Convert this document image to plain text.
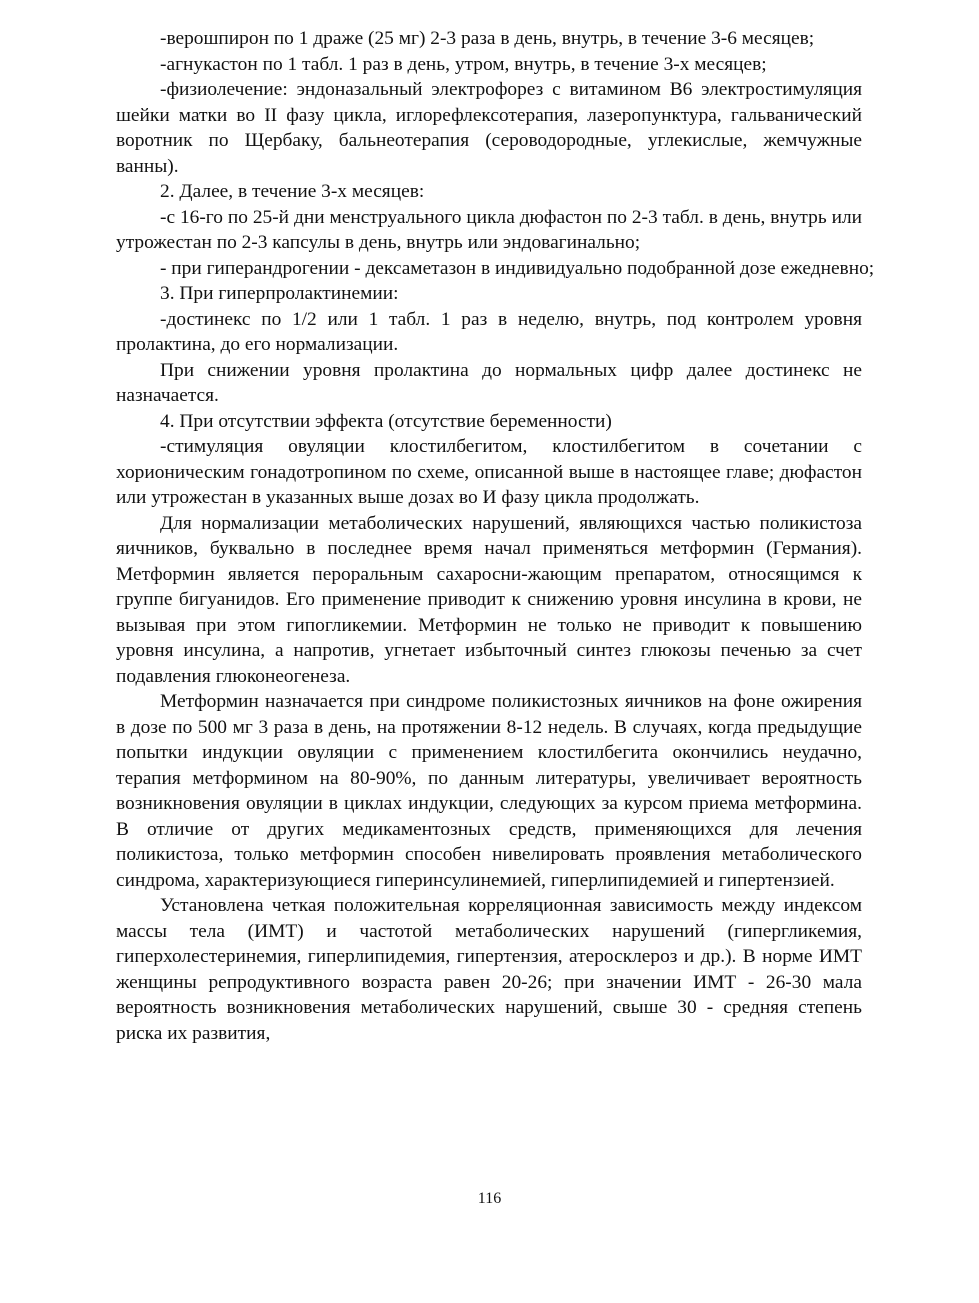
-верошпирон по 1 драже (25 мг) 2-3 раза в день, внутрь, в течение 3-6 месяцев;

-агнукастон по 1 табл. 1 раз в день, утром, внутрь, в течение 3-х месяцев;

-физиолечение: эндоназальный электрофорез с витамином В6 электростимуляция шейки матки во II фазу цикла, иглорефлексотерапия, лазеропунктура, гальванический воротник по Щербаку, бальнеотерапия (сероводородные, углекислые, жемчужные ванны).

2. Далее, в течение 3-х месяцев:

-с 16-го по 25-й дни менструального цикла дюфастон по 2-3 табл. в день, внутрь или утрожестан по 2-3 капсулы в день, внутрь или эндовагинально;

- при гиперандрогении - дексаметазон в индивидуально подобранной дозе ежедневно;

3. При гиперпролактинемии:

-достинекс по 1/2 или 1 табл. 1 раз в неделю, внутрь, под контролем уровня пролактина, до его нормализации.

При снижении уровня пролактина до нормальных цифр далее достинекс не назначается.

4. При отсутствии эффекта (отсутствие беременности)

-стимуляция овуляции клостилбегитом, клостилбегитом в сочетании с хорионическим гонадотропином по схеме, описанной выше в настоящее главе; дюфастон или утрожестан в указанных выше дозах во И фазу цикла продолжать.

Для нормализации метаболических нарушений, являющихся частью поликистоза яичников, буквально в последнее время начал применяться метформин (Германия). Метформин является пероральным сахаросни-жающим препаратом, относящимся к группе бигуанидов. Его применение приводит к снижению уровня инсулина в крови, не вызывая при этом гипогликемии. Метформин не только не приводит к повышению уровня инсулина, а напротив, угнетает избыточный синтез глюкозы печенью за счет подавления глюконеогенеза.

Метформин назначается при синдроме поликистозных яичников на фоне ожирения в дозе по 500 мг 3 раза в день, на протяжении 8-12 недель. В случаях, когда предыдущие попытки индукции овуляции с применением клостилбегита окончились неудачно, терапия метформином на 80-90%, по данным литературы, увеличивает вероятность возникновения овуляции в циклах индукции, следующих за курсом приема метформина. В отличие от других медикаментозных средств, применяющихся для лечения поликистоза, только метформин способен нивелировать проявления метаболического синдрома, характеризующиеся гиперинсулинемией, гиперлипидемией и гипертензией.

Установлена четкая положительная корреляционная зависимость между индексом массы тела (ИМТ) и частотой метаболических нарушений (гипергликемия, гиперхолестеринемия, гиперлипидемия, гипертензия, атеросклероз и др.). В норме ИМТ женщины репродуктивного возраста равен 20-26; при значении ИМТ - 26-30 мала вероятность возникновения метаболических нарушений, свыше 30 - средняя степень риска их развития,

116
